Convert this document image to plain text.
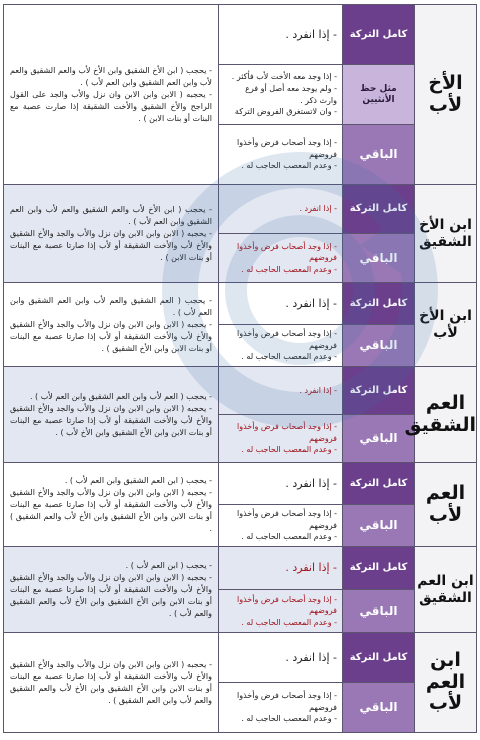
الأخ لأب	كامل التركة	- إذا انفرد .	- يحجب ( ابن الأخ الشقيق وابن الأخ لأب والعم الشقيق والعم لأب وابن العم الشقيق وابن العم لأب ) .
- يحجبه ( الابن وابن الابن وان نزل والأب والجد على القول الراجح والأخ الشقيق والأخت الشقيقة إذا صارت عصبة مع البنات أو بنات الابن ) .

	مثل حظ الأنثيين	- إذا وجد معه الأخت لأب فأكثر .
- ولم يوجد معه أصل أو فرع
وارث ذكر .
- وان لاتستغرق الفروض التركة	

	الباقي	- إذا وجد أصحاب فرض وأخذوا فروضهم
- وعدم المعصب الحاجب له .	

ابن الأخ الشقيق	كامل التركة	- إذا انفرد .	- يحجب ( ابن الأخ لأب والعم الشقيق والعم لأب وابن العم الشقيق وابن العم لأب ) .
- يحجبه ( الابن وابن الابن وان نزل والأب والجد والأخ الشقيق والأخ لأب والأخت الشقيقة أو لأب إذا صارتا عصبة مع البنات أو بنات الابن ) .

	الباقي	- إذا وجد أصحاب فرض وأخذوا فروضهم
- وعدم المعصب الحاجب له .	

ابن الأخ لأب	كامل التركة	- إذا انفرد .	- يحجب ( العم الشقيق والعم لأب وابن العم الشقيق وابن العم لأب ) .
- يحجبه ( الابن وابن الابن وان نزل والأب والجد والأخ الشقيق والأخ لأب والأخت الشقيقة أو لأب إذا صارتا عصبة مع البنات أو بنات الابن وابن الأخ الشقيق ) .

	الباقي	- إذا وجد أصحاب فرض وأخذوا فروضهم
- وعدم المعصب الحاجب له .	

العم الشقيق	كامل التركة	- إذا انفرد .	- يحجب ( العم لأب وابن العم الشقيق وابن العم لأب ) .
- يحجبه ( الابن وابن الابن وان نزل والأب والجد والأخ الشقيق والأخ لأب والأخت الشقيقة أو لأب إذا صارتا عصبة مع البنات أو بنات الابن وابن الأخ الشقيق وابن الأخ لأب ) .

	الباقي	- إذا وجد أصحاب فرض وأخذوا فروضهم
- وعدم المعصب الحاجب له .	

العم لأب	كامل التركة	- إذا انفرد .	- يحجب ( ابن العم الشقيق وابن العم لأب ) .
- يحجبه ( الابن وابن الابن وان نزل والأب والجد والأخ الشقيق والأخ لأب والأخت الشقيقة أو لأب إذا صارتا عصبة مع البنات أو بنات الابن وابن الأخ الشقيق وابن الأخ لأب والعم الشقيق ) .

	الباقي	- إذا وجد أصحاب فرض وأخذوا فروضهم
- وعدم المعصب الحاجب له .	

ابن العم الشقيق	كامل التركة	- إذا انفرد .	- يحجب ( ابن العم لأب ) .
- يحجبه ( الابن وابن الابن وان نزل والأب والجد والأخ الشقيق والأخ لأب والأخت الشقيقة أو لأب إذا صارتا عصبة مع البنات أو بنات الابن وابن الأخ الشقيق وابن الأخ لأب والعم الشقيق والعم لأب ) .

	الباقي	- إذا وجد أصحاب فرض وأخذوا فروضهم
- وعدم المعصب الحاجب له .	

ابن العم لأب	كامل التركة	- إذا انفرد .	- يحجبه ( الابن وابن الابن وان نزل والأب والجد والأخ الشقيق والأخ لأب والأخت الشقيقة أو لأب إذا صارتا عصبة مع البنات أو بنات الابن وابن الأخ الشقيق وابن الأخ لأب والعم الشقيق والعم لأب وابن العم الشقيق ) .

	الباقي	- إذا وجد أصحاب فرض وأخذوا فروضهم
- وعدم المعصب الحاجب له .	
